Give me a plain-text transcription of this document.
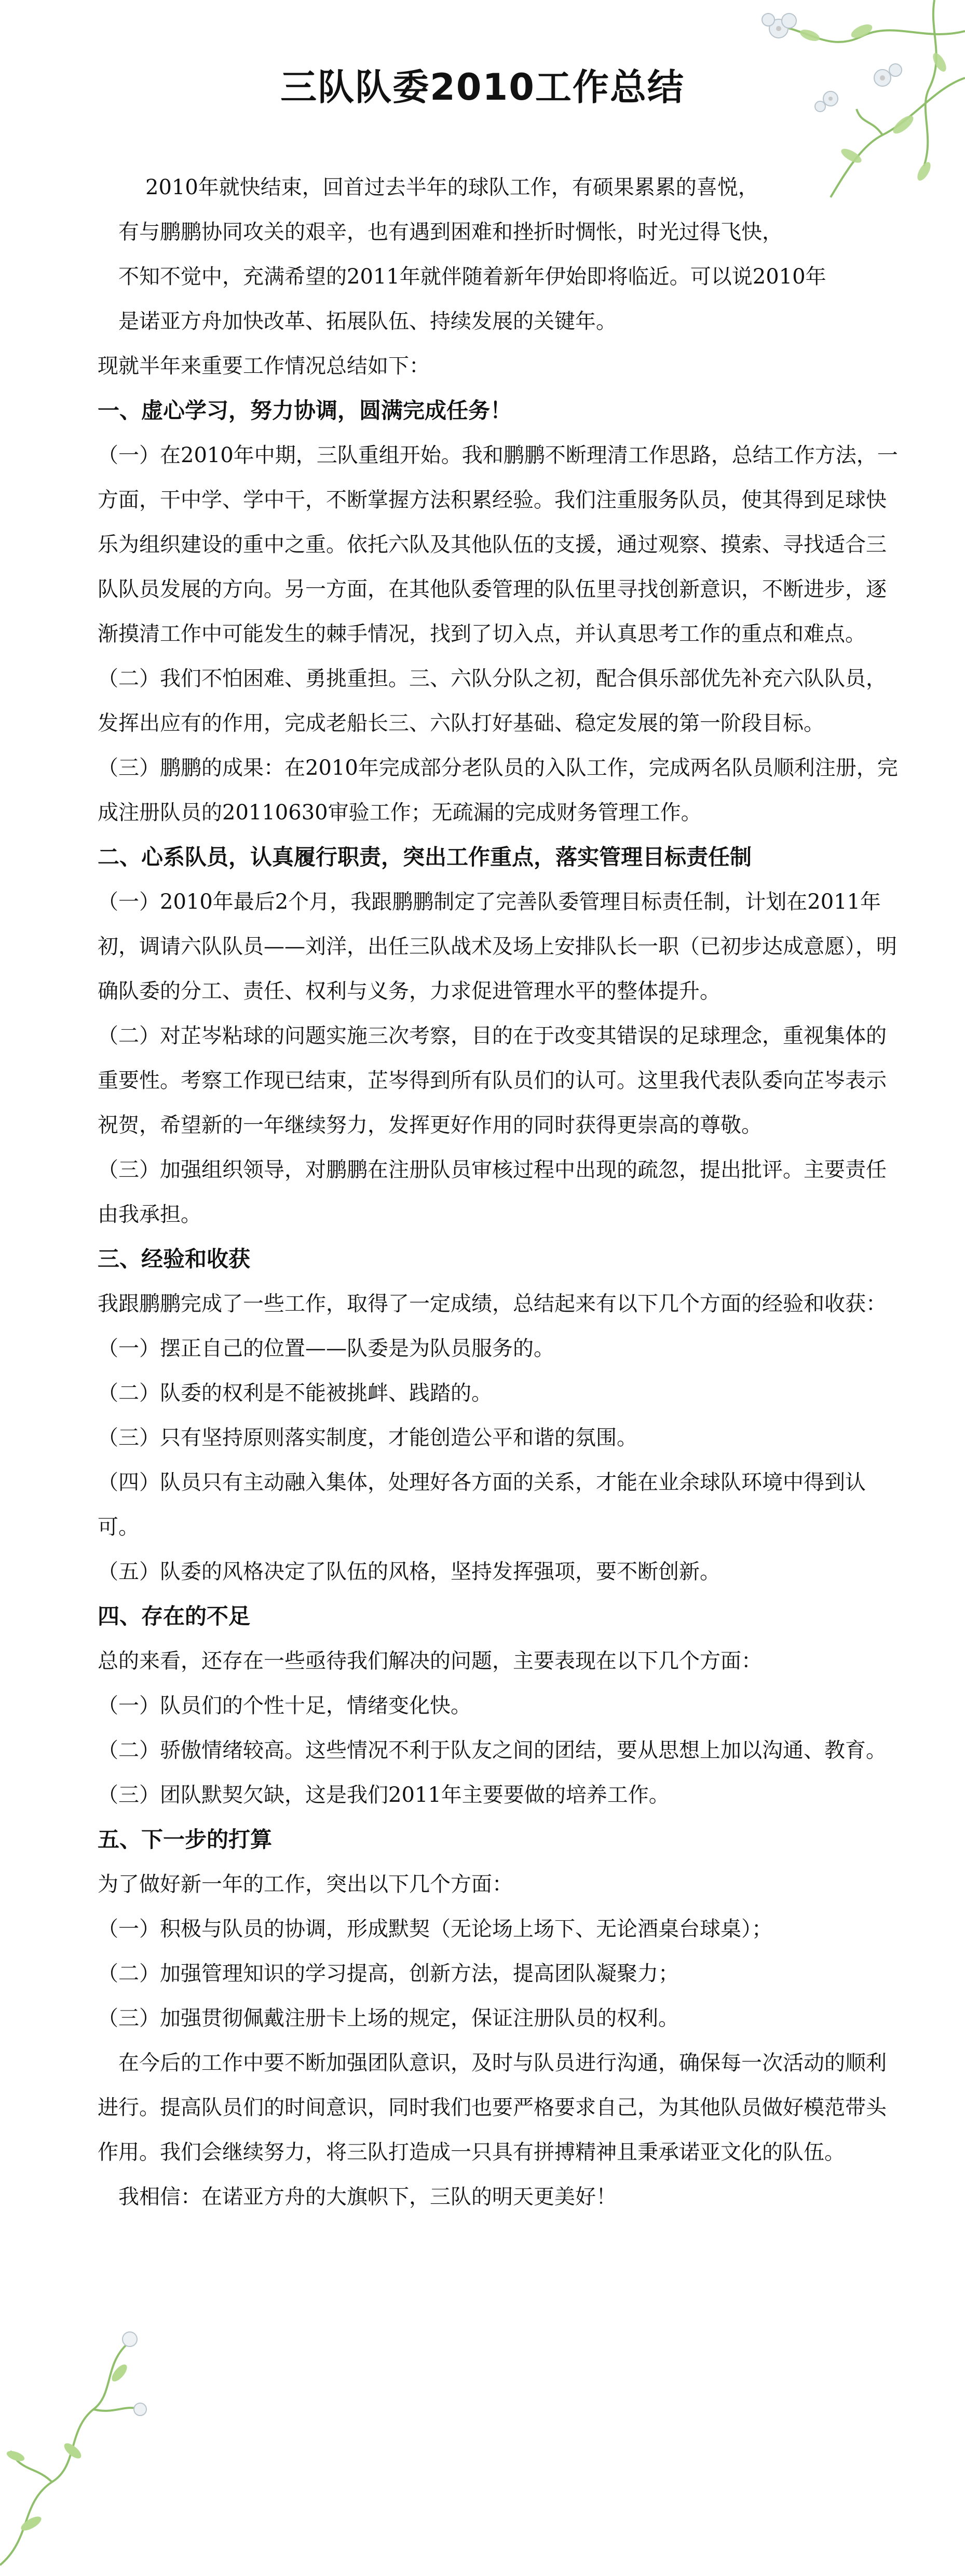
三队队委2010工作总结

2010年就快结束，回首过去半年的球队工作，有硕果累累的喜悦，

有与鹏鹏协同攻关的艰辛，也有遇到困难和挫折时惆怅，时光过得飞快，

不知不觉中，充满希望的2011年就伴随着新年伊始即将临近。可以说2010年

是诺亚方舟加快改革、拓展队伍、持续发展的关键年。

现就半年来重要工作情况总结如下：

一、虚心学习，努力协调，圆满完成任务！

（一）在2010年中期，三队重组开始。我和鹏鹏不断理清工作思路，总结工作方法，一方面，干中学、学中干，不断掌握方法积累经验。我们注重服务队员，使其得到足球快乐为组织建设的重中之重。依托六队及其他队伍的支援，通过观察、摸索、寻找适合三队队员发展的方向。另一方面，在其他队委管理的队伍里寻找创新意识，不断进步，逐渐摸清工作中可能发生的棘手情况，找到了切入点，并认真思考工作的重点和难点。

（二）我们不怕困难、勇挑重担。三、六队分队之初，配合俱乐部优先补充六队队员，发挥出应有的作用，完成老船长三、六队打好基础、稳定发展的第一阶段目标。

（三）鹏鹏的成果：在2010年完成部分老队员的入队工作，完成两名队员顺利注册，完成注册队员的20110630审验工作；无疏漏的完成财务管理工作。

二、心系队员，认真履行职责，突出工作重点，落实管理目标责任制

（一）2010年最后2个月，我跟鹏鹏制定了完善队委管理目标责任制，计划在2011年初，调请六队队员——刘洋，出任三队战术及场上安排队长一职（已初步达成意愿），明确队委的分工、责任、权利与义务，力求促进管理水平的整体提升。

（二）对芷岑粘球的问题实施三次考察，目的在于改变其错误的足球理念，重视集体的重要性。考察工作现已结束，芷岑得到所有队员们的认可。这里我代表队委向芷岑表示祝贺，希望新的一年继续努力，发挥更好作用的同时获得更崇高的尊敬。

（三）加强组织领导，对鹏鹏在注册队员审核过程中出现的疏忽，提出批评。主要责任由我承担。

三、经验和收获

我跟鹏鹏完成了一些工作，取得了一定成绩，总结起来有以下几个方面的经验和收获：

（一）摆正自己的位置——队委是为队员服务的。

（二）队委的权利是不能被挑衅、践踏的。

（三）只有坚持原则落实制度，才能创造公平和谐的氛围。

（四）队员只有主动融入集体，处理好各方面的关系，才能在业余球队环境中得到认可。

（五）队委的风格决定了队伍的风格，坚持发挥强项，要不断创新。

四、存在的不足

总的来看，还存在一些亟待我们解决的问题，主要表现在以下几个方面：

（一）队员们的个性十足，情绪变化快。

（二）骄傲情绪较高。这些情况不利于队友之间的团结，要从思想上加以沟通、教育。

（三）团队默契欠缺，这是我们2011年主要要做的培养工作。

五、下一步的打算

为了做好新一年的工作，突出以下几个方面：

（一）积极与队员的协调，形成默契（无论场上场下、无论酒桌台球桌）；

（二）加强管理知识的学习提高，创新方法，提高团队凝聚力；

（三）加强贯彻佩戴注册卡上场的规定，保证注册队员的权利。

在今后的工作中要不断加强团队意识，及时与队员进行沟通，确保每一次活动的顺利进行。提高队员们的时间意识，同时我们也要严格要求自己，为其他队员做好模范带头作用。我们会继续努力，将三队打造成一只具有拼搏精神且秉承诺亚文化的队伍。

我相信：在诺亚方舟的大旗帜下，三队的明天更美好！
